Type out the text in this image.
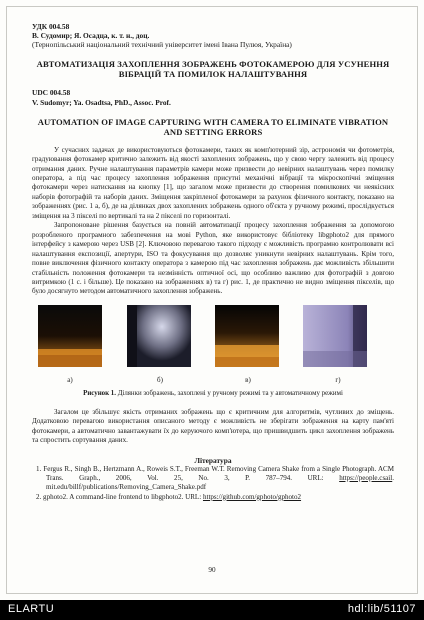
УДК 004.58
В. Судомир; Я. Осадца, к. т. н., доц.
(Тернопільський національний технічний університет імені Івана Пулюя, Україна)
АВТОМАТИЗАЦІЯ ЗАХОПЛЕННЯ ЗОБРАЖЕНЬ ФОТОКАМЕРОЮ ДЛЯ УСУНЕННЯ ВІБРАЦІЙ ТА ПОМИЛОК НАЛАШТУВАННЯ
UDC 004.58
V. Sudomyr; Ya. Osadtsa, PhD., Assoc. Prof.
AUTOMATION OF IMAGE CAPTURING WITH CAMERA TO ELIMINATE VIBRATION AND SETTING ERRORS

У сучасних задачах де використовуються фотокамери, таких як комп'ютерний зір, астрономія чи фотометрія, градуювання фотокамер критично залежить від якості захоплених зображень, що у свою чергу залежить від процесу отримання даних. Ручне налаштування параметрів камери може призвести до невірних налаштувань через помилку оператора, а під час процесу захоплення зображення присутні механічні вібрації та мікроскопічні зміщення фотокамери через натискання на кнопку [1], що загалом може призвести до створення помилкових чи неякісних наборів фотографій та наборів даних. Зміщення закріпленої фотокамери за рахунок фізичного контакту, показано на зображеннях (рис. 1 а, б), де на ділянках двох захоплених зображень одного об'єкта у ручному режимі, прослідкується зміщення на 3 пікселі по вертикалі та на 2 пікселі по горизонталі.

Запропоноване рішення базується на повній автоматизації процесу захоплення зображення за допомогою розробленого програмного забезпечення на мові Python, яке використовує бібліотеку libgphoto2 для прямого інтерфейсу з камерою через USB [2]. Ключовою перевагою такого підходу є можливість програмно контролювати всі налаштування експозиції, апертури, ISO та фокусування що дозволяє уникнути невірних налаштувань. Крім того, повне виключення фізичного контакту оператора з камерою під час захоплення зображень дає можливість збільшити стабільність положення фотокамери та незмінність оптичної осі, що особливо важливо для фотографій з довгою витримкою (1 с. і більше). Це показано на зображеннях в) та г) рис. 1, де практично не видно зміщення пікселів, що було досягнуто методом автоматичного захоплення зображень.

а)	б)	в)	г)
Рисунок 1. Ділянки зображень, захоплені у ручному режимі та у автоматичному режимі

Загалом це збільшує якість отриманих зображень що є критичним для алгоритмів, чутливих до зміщень. Додатковою перевагою використання описаного методу є можливість не зберігати зображення на карту пам'яті фотокамери, а автоматично завантажувати їх до керуючого комп'ютера, що пришвидшить цикл захоплення зображень та спростить сортування даних.

Література

1. Fergus R., Singh B., Hertzmann A., Roweis S.T., Freeman W.T. Removing Camera Shake from a Single Photograph. ACM Trans. Graph., 2006, Vol. 25, No. 3, P. 787–794. URL: https://people.csail. mit.edu/billf/publications/Removing_Camera_Shake.pdf

2. gphoto2. A command-line frontend to libgphoto2. URL: https://github.com/gphoto/gphoto2

90
ELARTU	hdl:lib/51107
